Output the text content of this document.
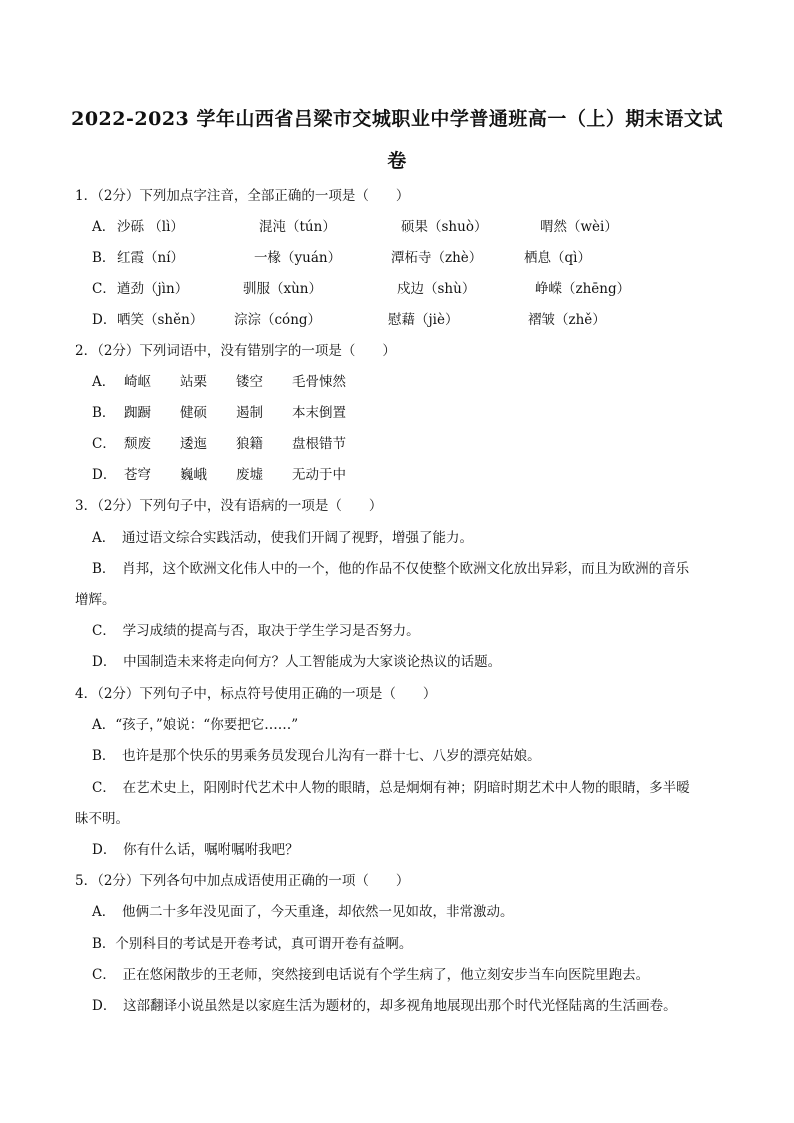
2022-2023 学年山西省吕梁市交城职业中学普通班高一（上）期末语文试
卷
1．（2分）下列加点字注音，全部正确的一项是（　　）
A． 沙砾 （lì）	混沌（tún）	硕果（shuò）	喟然（wèi）
B． 红霞（ní）	一椽（yuán）	潭柘寺（zhè）	栖息（qì）
C． 遒劲（jìn）	驯服（xùn）	戍边（shù）	峥嵘（zhēng）
D． 哂笑（shěn） 淙淙（cóng）	慰藉（jiè）	褶皱（zhě）
2．（2分）下列词语中，没有错别字的一项是（　　）
A． 崎岖 站栗 镂空 毛骨悚然
B． 踟蹰 健硕 遏制 本末倒置
C． 颓废 逶迤 狼籍 盘根错节
D． 苍穹 巍峨 废墟 无动于中
3．（2分）下列句子中，没有语病的一项是（　　）
A．　通过语文综合实践活动，使我们开阔了视野，增强了能力。
B．　肖邦，这个欧洲文化伟人中的一个，他的作品不仅使整个欧洲文化放出异彩，而且为欧洲的音乐
增辉。
C．　学习成绩的提高与否，取决于学生学习是否努力。
D．　中国制造未来将走向何方？人工智能成为大家谈论热议的话题。
4．（2分）下列句子中，标点符号使用正确的一项是（　　）
A．“孩子，”娘说：“你要把它……”
B．　也许是那个快乐的男乘务员发现台儿沟有一群十七、八岁的漂亮姑娘。
C．　在艺术史上，阳刚时代艺术中人物的眼睛，总是炯炯有神；阴暗时期艺术中人物的眼睛，多半暧
昧不明。
D．　你有什么话，嘱咐嘱咐我吧？
5．（2分）下列各句中加点成语使用正确的一项（　　）
A．　他俩二十多年没见面了，今天重逢，却依然一见如故，非常激动。
B．个别科目的考试是开卷考试，真可谓开卷有益啊。
C．　正在悠闲散步的王老师，突然接到电话说有个学生病了，他立刻安步当车向医院里跑去。
D．　这部翻译小说虽然是以家庭生活为题材的，却多视角地展现出那个时代光怪陆离的生活画卷。
